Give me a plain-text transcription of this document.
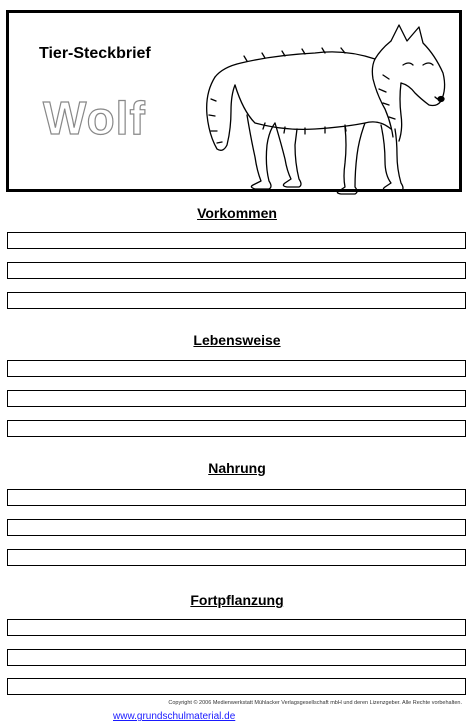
Tier-Steckbrief
Wolf
Vorkommen
Lebensweise
Nahrung
Fortpflanzung
Copyright © 2006 Medienwerkstatt Mühlacker Verlagsgesellschaft mbH und deren Lizenzgeber. Alle Rechte vorbehalten.
www.grundschulmaterial.de
